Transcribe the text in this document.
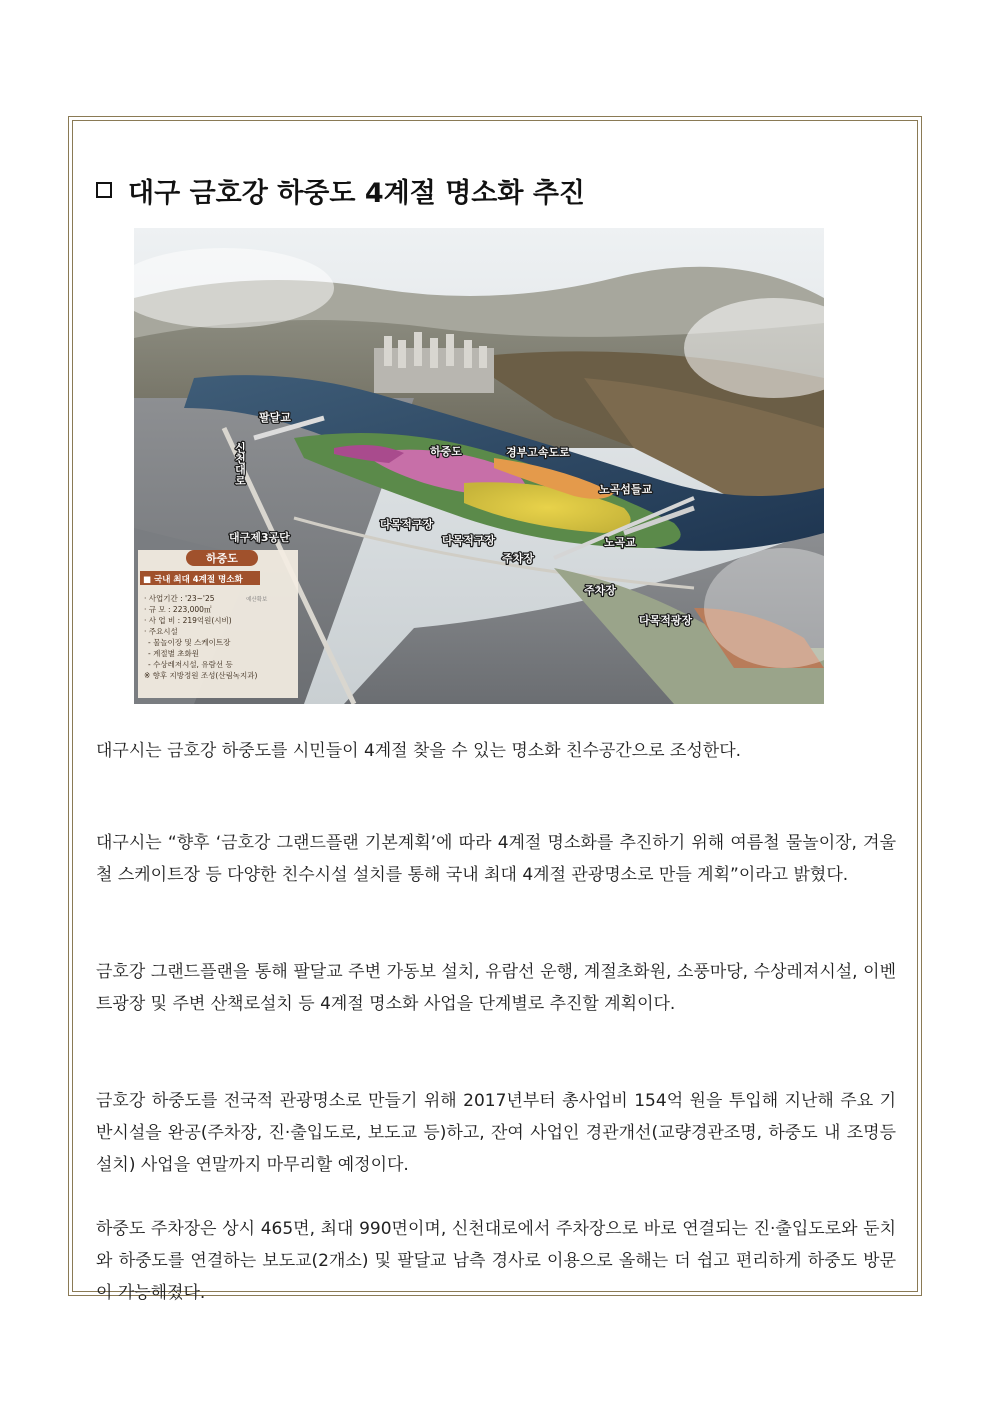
대구 금호강 하중도 4계절 명소화 추진
팔달교
하중도	경부고속도로
노곡섬들교
노곡교
대구제3공단
다목적구장
다목적구장
주차장
주차장
다목적광장
신천대로
하중도
■ 국내 최대 4계절 명소화
· 사업기간 : '23~'25	예산확보
· 규 모 : 223,000㎡
· 사 업 비 : 219억원(시비)
· 주요시설
- 물놀이장 및 스케이트장
- 계절별 초화원
- 수상레저시설, 유람선 등
※ 향후 지방정원 조성(산림녹지과)
대구시는 금호강 하중도를 시민들이 4계절 찾을 수 있는 명소화 친수공간으로 조성한다.
대구시는 “향후 ‘금호강 그랜드플랜 기본계획’에 따라 4계절 명소화를 추진하기 위해 여름철 물놀이장, 겨울철 스케이트장 등 다양한 친수시설 설치를 통해 국내 최대 4계절 관광명소로 만들 계획”이라고 밝혔다.
금호강 그랜드플랜을 통해 팔달교 주변 가동보 설치, 유람선 운행, 계절초화원, 소풍마당, 수상레져시설, 이벤트광장 및 주변 산책로설치 등 4계절 명소화 사업을 단계별로 추진할 계획이다.
금호강 하중도를 전국적 관광명소로 만들기 위해 2017년부터 총사업비 154억 원을 투입해 지난해 주요 기반시설을 완공(주차장, 진·출입도로, 보도교 등)하고, 잔여 사업인 경관개선(교량경관조명, 하중도 내 조명등 설치) 사업을 연말까지 마무리할 예정이다.
하중도 주차장은 상시 465면, 최대 990면이며, 신천대로에서 주차장으로 바로 연결되는 진·출입도로와 둔치와 하중도를 연결하는 보도교(2개소) 및 팔달교 남측 경사로 이용으로 올해는 더 쉽고 편리하게 하중도 방문이 가능해졌다.
